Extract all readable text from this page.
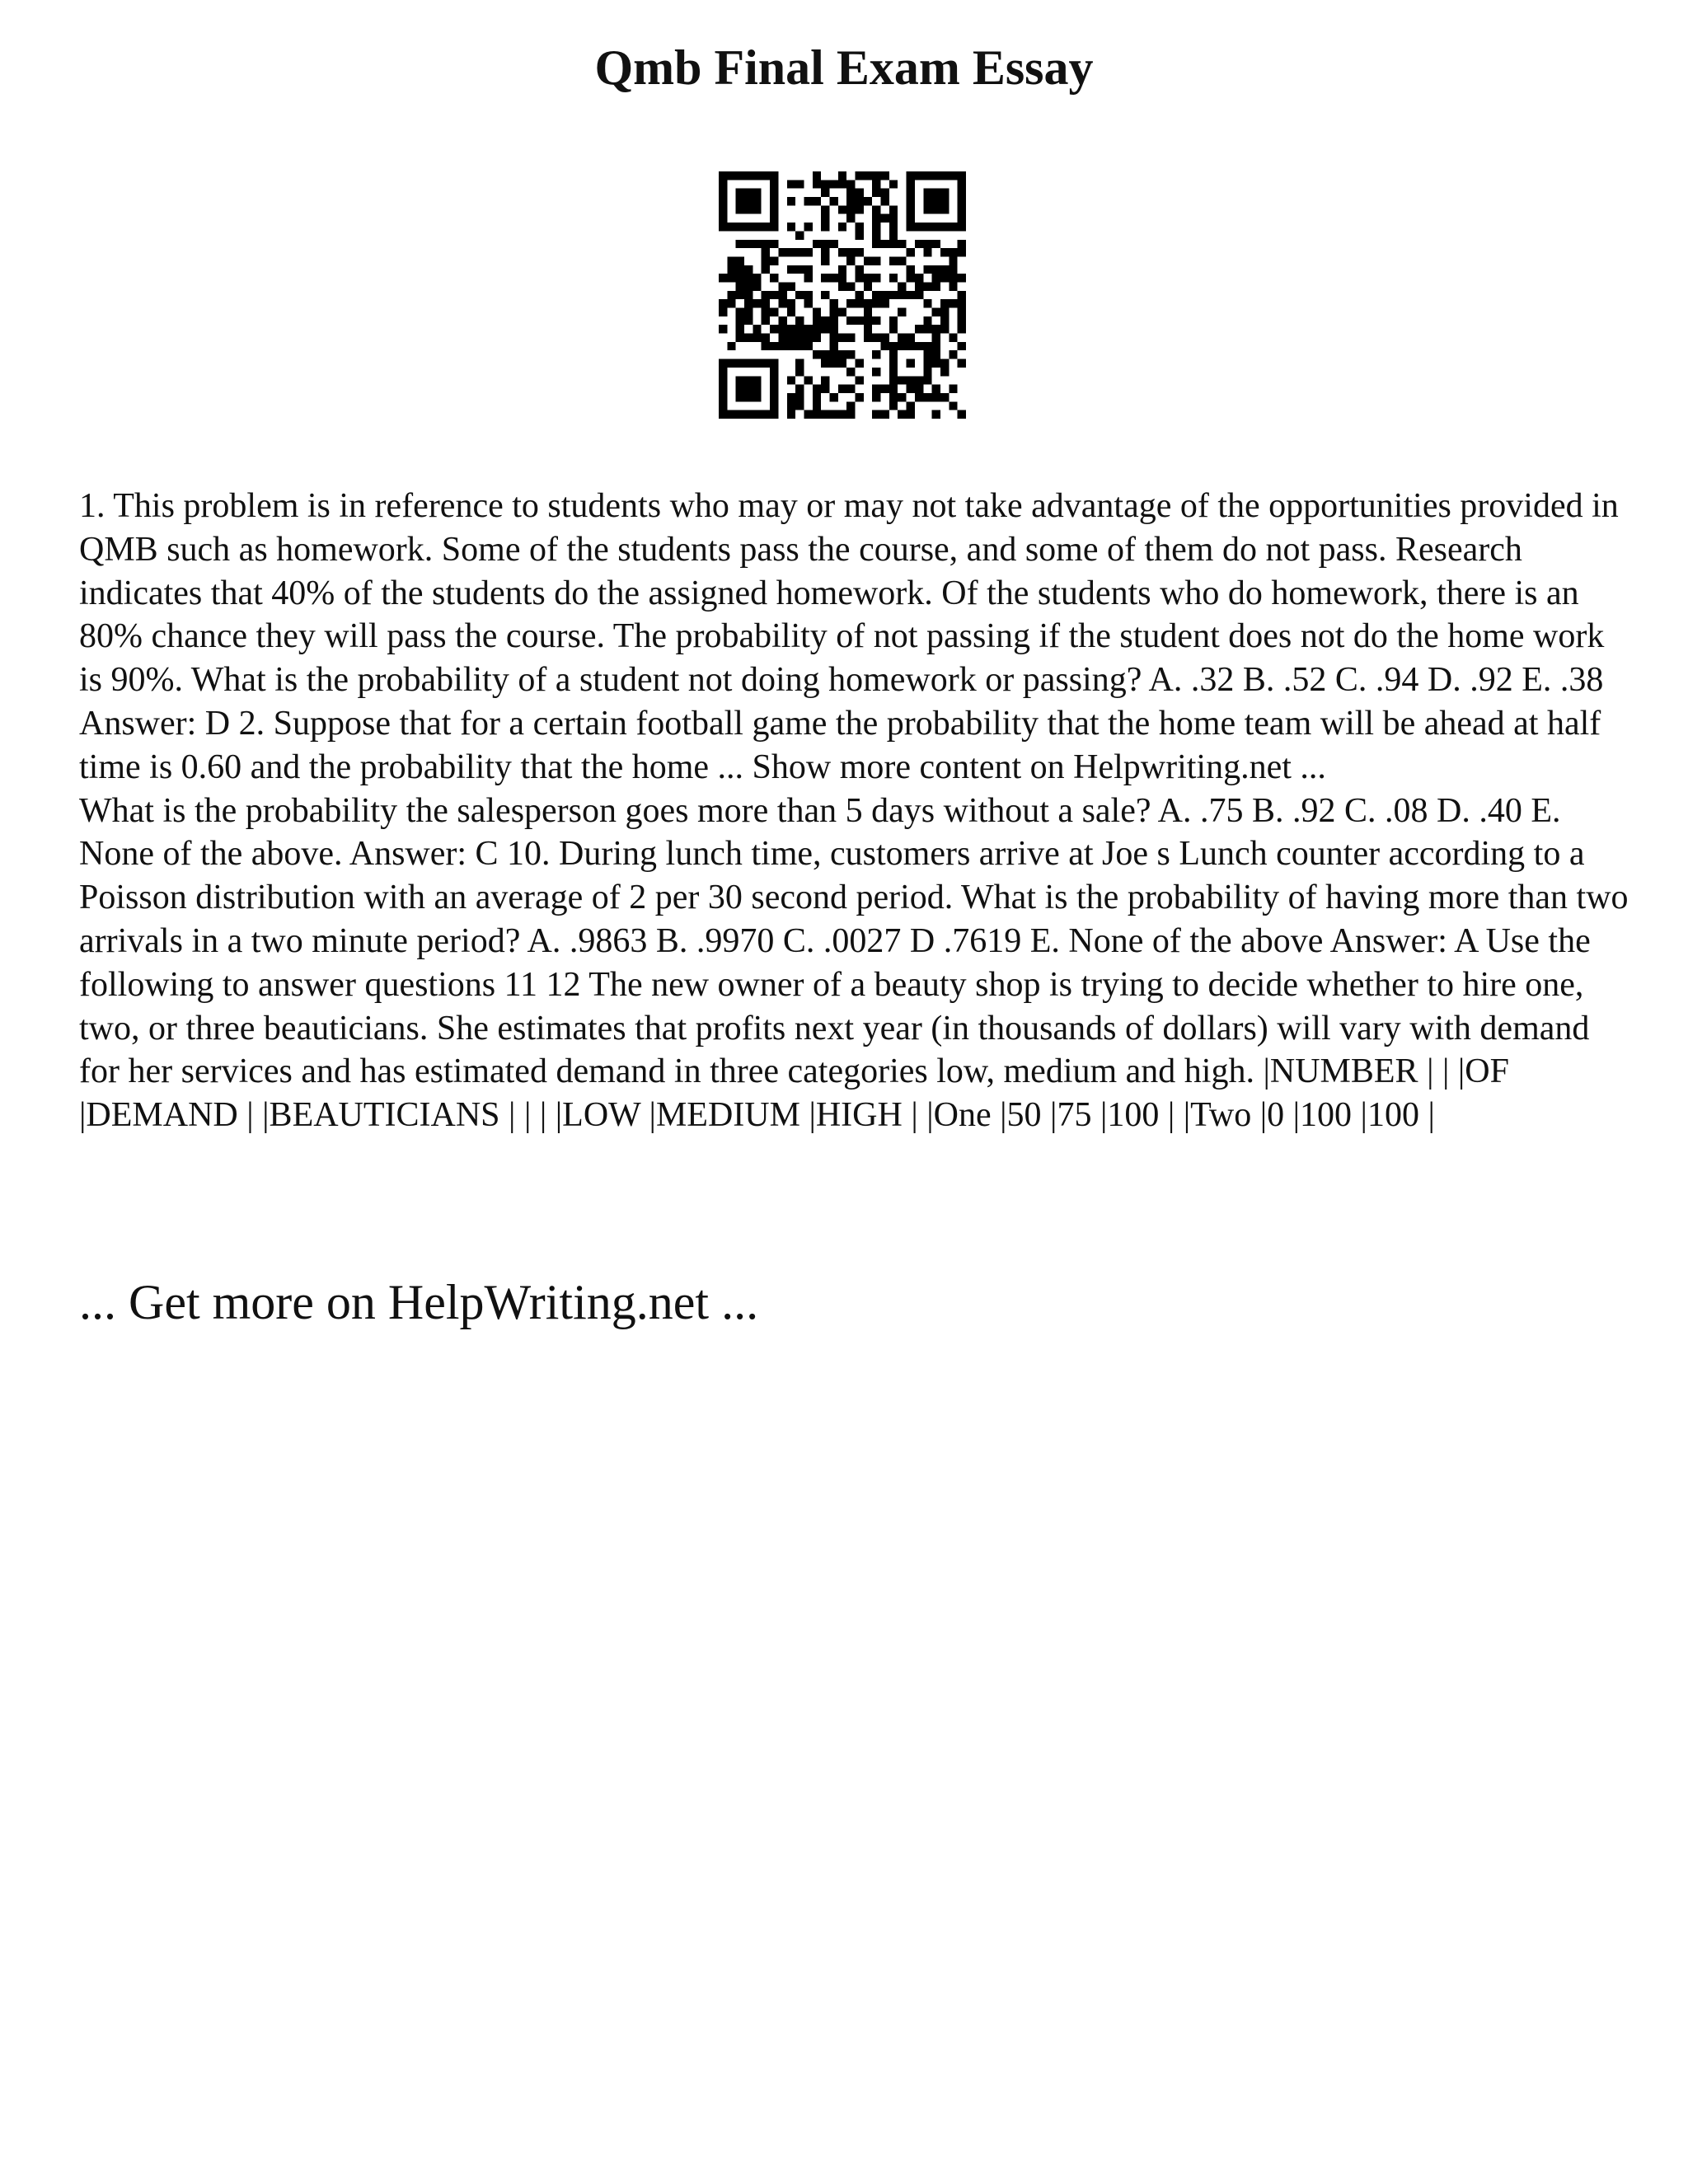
Qmb Final Exam Essay

1. This problem is in reference to students who may or may not take advantage of the opportunities provided in QMB such as homework. Some of the students pass the course, and some of them do not pass. Research indicates that 40% of the students do the assigned homework. Of the students who do homework, there is an 80% chance they will pass the course. The probability of not passing if the student does not do the home work is 90%. What is the probability of a student not doing homework or passing? A. .32 B. .52 C. .94 D. .92 E. .38 Answer: D 2. Suppose that for a certain football game the probability that the home team will be ahead at half time is 0.60 and the probability that the home ... Show more content on Helpwriting.net ...

What is the probability the salesperson goes more than 5 days without a sale? A. .75 B. .92 C. .08 D. .40 E. None of the above. Answer: C 10. During lunch time, customers arrive at Joe s Lunch counter according to a Poisson distribution with an average of 2 per 30 second period. What is the probability of having more than two arrivals in a two minute period? A. .9863 B. .9970 C. .0027 D .7619 E. None of the above Answer: A Use the following to answer questions 11 12 The new owner of a beauty shop is trying to decide whether to hire one, two, or three beauticians. She estimates that profits next year (in thousands of dollars) will vary with demand for her services and has estimated demand in three categories low, medium and high. |NUMBER | | |OF |DEMAND | |BEAUTICIANS | | | |LOW |MEDIUM |HIGH | |One |50 |75 |100 | |Two |0 |100 |100 |

... Get more on HelpWriting.net ...
